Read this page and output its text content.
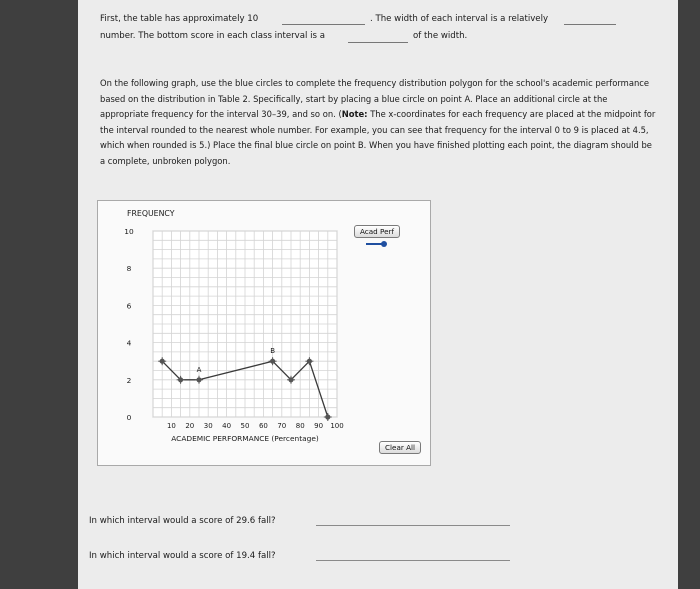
First, the table has approximately 10	. The width of each interval is a relatively
number. The bottom score in each class interval is a	of the width.
On the following graph, use the blue circles to complete the frequency distribution polygon for the school's academic performance based on the distribution in Table 2. Specifically, start by placing a blue circle on point A. Place an additional circle at the appropriate frequency for the interval 30–39, and so on. (Note: The x-coordinates for each frequency are placed at the midpoint for the interval rounded to the nearest whole number. For example, you can see that frequency for the interval 0 to 9 is placed at 4.5, which when rounded is 5.) Place the final blue circle on point B. When you have finished plotting each point, the diagram should be a complete, unbroken polygon.
FREQUENCY
10 20 30 40 50 60 70 80 90 100
0
2
4
6
8
10
ACADEMIC PERFORMANCE (Percentage)
A
B
Acad Perf
Clear All
In which interval would a score of 29.6 fall?
In which interval would a score of 19.4 fall?
